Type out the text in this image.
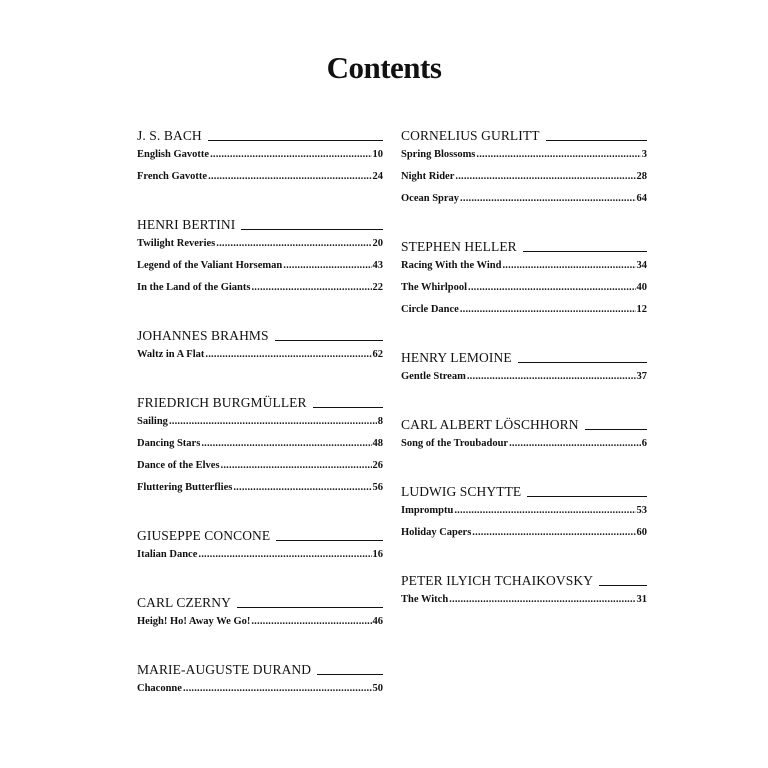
Contents
J. S. BACH
English Gavotte .....	10
French Gavotte .....	24
HENRI BERTINI
Twilight Reveries .....	20
Legend of the Valiant Horseman .....	43
In the Land of the Giants .....	22
JOHANNES BRAHMS
Waltz in A Flat .....	62
FRIEDRICH BURGMÜLLER
Sailing .....	8
Dancing Stars .....	48
Dance of the Elves .....	26
Fluttering Butterflies .....	56
GIUSEPPE CONCONE
Italian Dance .....	16
CARL CZERNY
Heigh! Ho! Away We Go! .....	46
MARIE-AUGUSTE DURAND
Chaconne .....	50
CORNELIUS GURLITT
Spring Blossoms .....	3
Night Rider .....	28
Ocean Spray .....	64
STEPHEN HELLER
Racing With the Wind .....	34
The Whirlpool .....	40
Circle Dance .....	12
HENRY LEMOINE
Gentle Stream .....	37
CARL ALBERT LÖSCHHORN
Song of the Troubadour .....	6
LUDWIG SCHYTTE
Impromptu .....	53
Holiday Capers .....	60
PETER ILYICH TCHAIKOVSKY
The Witch .....	31
